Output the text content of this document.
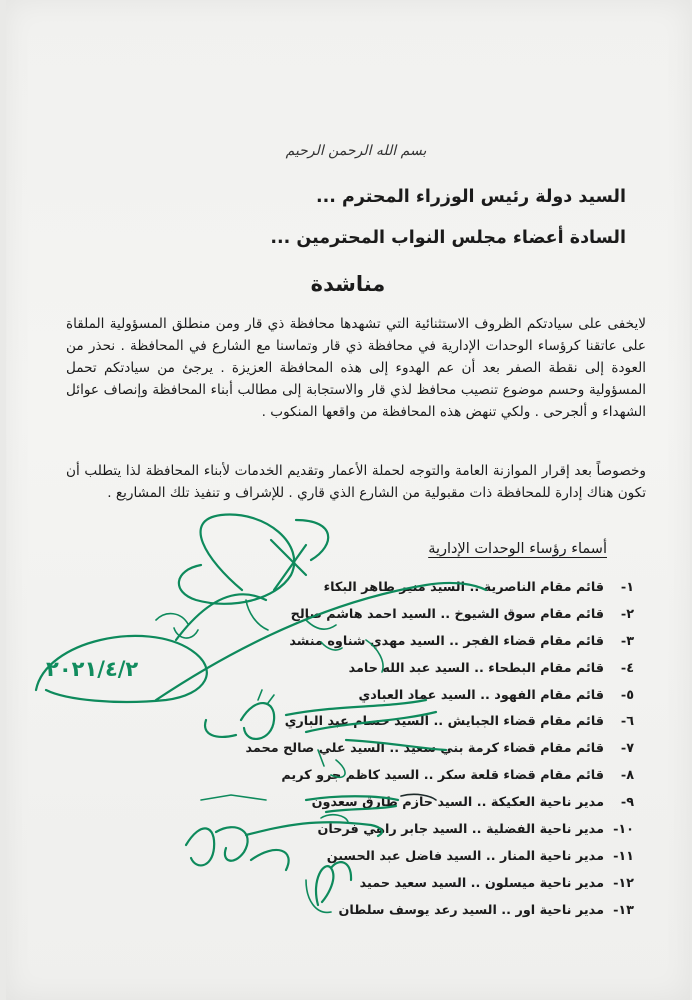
بسم الله الرحمن الرحيم
السيد دولة رئيس الوزراء المحترم ...
السادة أعضاء مجلس النواب المحترمين ...
مناشدة
لايخفى على سيادتكم الظروف الاستثنائية التي تشهدها محافظة ذي قار ومن منطلق المسؤولية الملقاة على عاتقنا كرؤساء الوحدات الإدارية في محافظة ذي قار وتماسنا مع الشارع في المحافظة . نحذر من العودة إلى نقطة الصفر بعد أن عم الهدوء إلى هذه المحافظة العزيزة . يرجئ من سيادتكم تحمل المسؤولية وحسم موضوع تنصيب محافظ لذي قار والاستجابة إلى مطالب أبناء المحافظة وإنصاف عوائل الشهداء و ألجرحى . ولكي تنهض هذه المحافظة من واقعها المنكوب .
وخصوصاً بعد إقرار الموازنة العامة والتوجه لحملة الأعمار وتقديم الخدمات لأبناء المحافظة لذا يتطلب أن تكون هناك إدارة للمحافظة ذات مقبولية من الشارع الذي قاري . للإشراف و تنفيذ تلك المشاريع .
أسماء رؤساء الوحدات الإدارية
١-
قائم مقام الناصرية .. السيد منير طاهر البكاء
٢-
قائم مقام سوق الشيوخ .. السيد احمد هاشم صالح
٣-
قائم مقام قضاء الفجر .. السيد مهدي شناوه منشد
٤-
قائم مقام البطحاء .. السيد عبد الله حامد
٥-
قائم مقام الفهود .. السيد عماد العبادي
٦-
قائم مقام قضاء الجبايش .. السيد حسام عبد الباري
٧-
قائم مقام قضاء كرمة بني سعيد .. السيد علي صالح محمد
٨-
قائم مقام قضاء قلعة سكر .. السيد كاظم جرو كريم
٩-
مدير ناحية العكيكة .. السيد حازم طارق سعدون
١٠-
مدير ناحية الفضلية .. السيد جابر راهي فرحان
١١-
مدير ناحية المنار .. السيد فاضل عبد الحسين
١٢-
مدير ناحية ميسلون .. السيد سعيد حميد
١٣-
مدير ناحية اور .. السيد رعد يوسف سلطان
٢٠٢١/٤/٢
